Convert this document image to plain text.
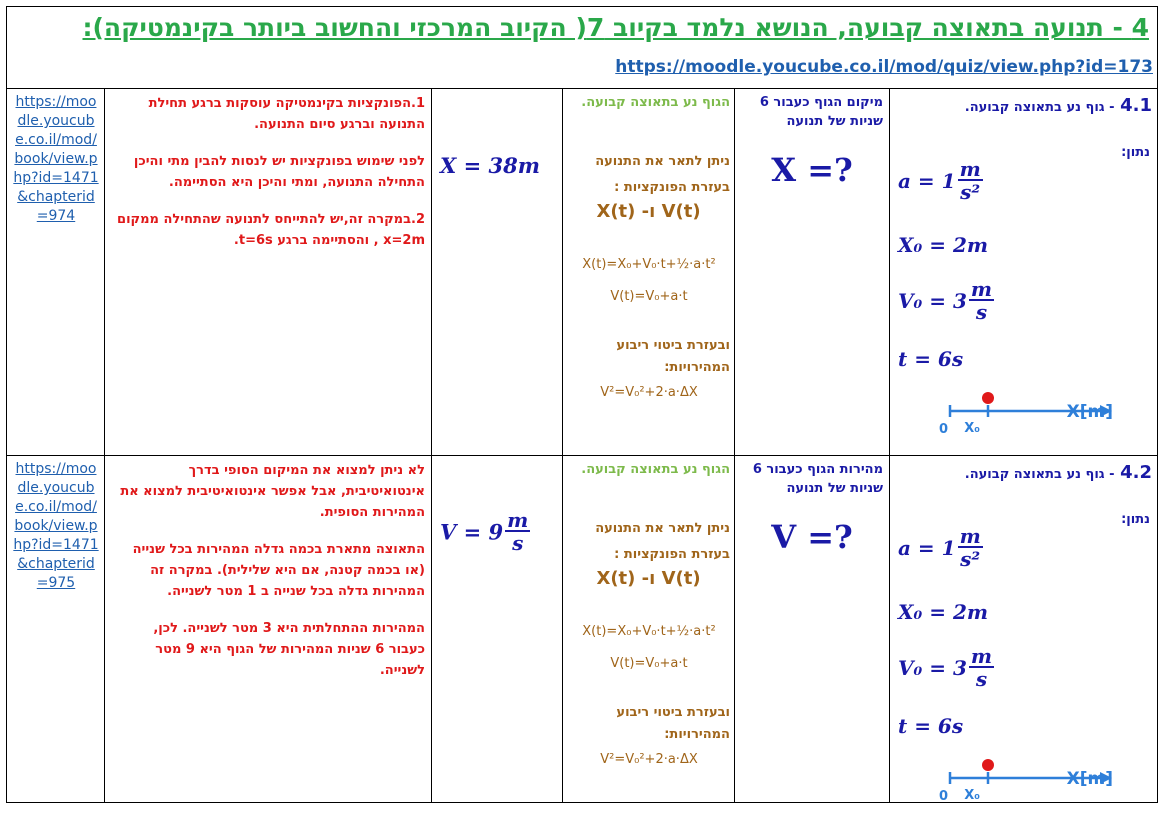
4 - תנועה בתאוצה קבועה, הנושא נלמד בקיוב 7( הקיוב המרכזי והחשוב ביותר בקינמטיקה):
https://moodle.youcube.co.il/mod/quiz/view.php?id=173
4.1 - גוף נע בתאוצה קבועה.
נתון:
$a = 1 \frac{m}{\text{s²}}$
X₀ = 2m
$V_0 = 3 \frac{m}{s}$
t = 6s
0 X₀
X[m]
מיקום הגוף כעבור 6 שניות של תנועה
X =?
הגוף נע בתאוצה קבועה.
ניתן לתאר את התנועה בעזרת הפונקציות :
V(t) ו- X(t)
X(t)=X₀+V₀·t+½·a·t²
V(t)=V₀+a·t
ובעזרת ביטוי ריבוע המהירויות:
V²=V₀²+2·a·ΔX
X = 38m
1.הפונקציות בקינמטיקה עוסקות ברגע תחילת התנועה וברגע סיום התנועה.
לפני שימוש בפונקציות יש לנסות להבין מתי והיכן התחילה התנועה, ומתי והיכן היא הסתיימה.
2.במקרה זה,יש להתייחס לתנועה שהתחילה ממקום x=2m , והסתיימה ברגע t=6s.
https://moodle.youcube.co.il/mod/book/view.php?id=1471&chapterid=974
4.2 - גוף נע בתאוצה קבועה.
נתון:
$a = 1 \frac{m}{\text{s²}}$
X₀ = 2m
$V_0 = 3 \frac{m}{s}$
t = 6s
0 X₀
X[m]
מהירות הגוף כעבור 6 שניות של תנועה
V =?
הגוף נע בתאוצה קבועה.
ניתן לתאר את התנועה בעזרת הפונקציות :
V(t) ו- X(t)
X(t)=X₀+V₀·t+½·a·t²
V(t)=V₀+a·t
ובעזרת ביטוי ריבוע המהירויות:
V²=V₀²+2·a·ΔX
$V = 9 \frac{m}{s}$
לא ניתן למצוא את המיקום הסופי בדרך אינטואיטיבית, אבל אפשר אינטואיטיבית למצוא את המהירות הסופית.
התאוצה מתארת בכמה גדלה המהירות בכל שנייה (או בכמה קטנה, אם היא שלילית). במקרה זה המהירות גדלה בכל שנייה ב 1 מטר לשנייה.
המהירות ההתחלתית היא 3 מטר לשנייה. לכן, כעבור 6 שניות המהירות של הגוף היא 9 מטר לשנייה.
https://moodle.youcube.co.il/mod/book/view.php?id=1471&chapterid=975
